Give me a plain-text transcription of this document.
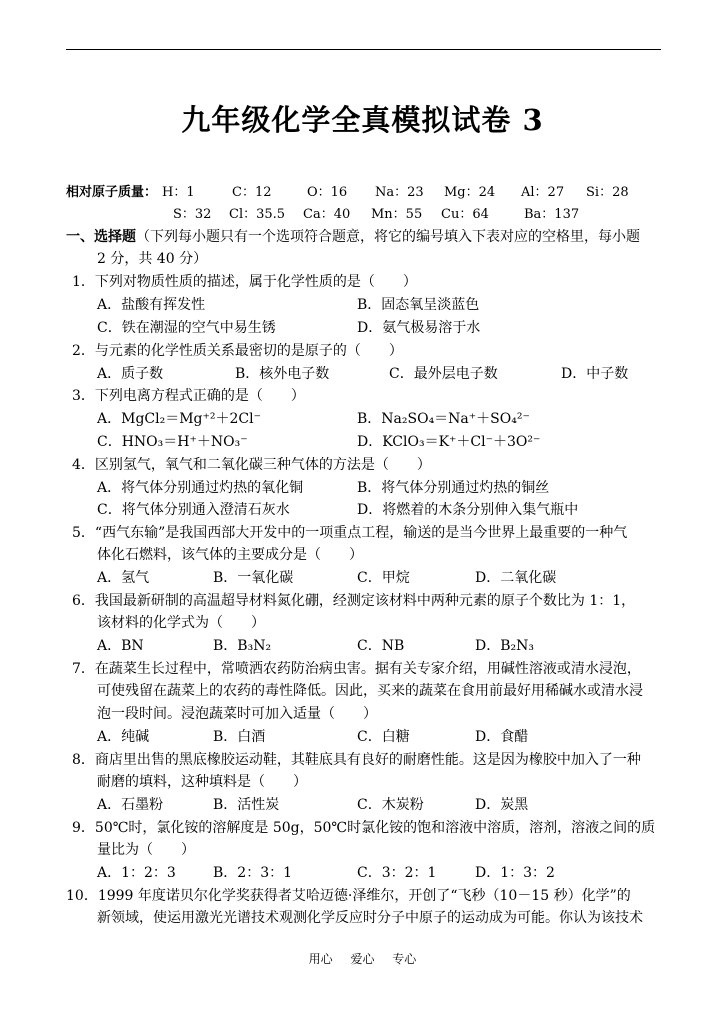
九年级化学全真模拟试卷 3
相对原子质量： H：1	C：12	O：16 Na：23 Mg：24 Al：27 Si：28
S：32 Cl：35.5 Ca：40 Mn：55 Cu：64	Ba：137
一、选择题（下列每小题只有一个选项符合题意，将它的编号填入下表对应的空格里，每小题
2 分，共 40 分）
1．下列对物质性质的描述，属于化学性质的是（　　）
A．盐酸有挥发性	B．固态氧呈淡蓝色
C．铁在潮湿的空气中易生锈	D．氨气极易溶于水
2．与元素的化学性质关系最密切的是原子的（　　）
A．质子数	B．核外电子数	C．最外层电子数	D．中子数
3．下列电离方程式正确的是（　　）
A．MgCl₂＝Mg⁺²＋2Cl⁻	B．Na₂SO₄＝Na⁺＋SO₄²⁻
C．HNO₃＝H⁺＋NO₃⁻	D．KClO₃＝K⁺＋Cl⁻＋3O²⁻
4．区别氢气，氧气和二氧化碳三种气体的方法是（　　）
A．将气体分别通过灼热的氧化铜	B．将气体分别通过灼热的铜丝
C．将气体分别通入澄清石灰水	D．将燃着的木条分别伸入集气瓶中
5．“西气东输”是我国西部大开发中的一项重点工程，输送的是当今世界上最重要的一种气
体化石燃料，该气体的主要成分是（　　）
A．氢气	B．一氧化碳	C．甲烷	D．二氧化碳
6．我国最新研制的高温超导材料氮化硼，经测定该材料中两种元素的原子个数比为 1：1，
该材料的化学式为（　　）
A．BN	B．B₃N₂	C．NB	D．B₂N₃
7．在蔬菜生长过程中，常喷洒农药防治病虫害。据有关专家介绍，用碱性溶液或清水浸泡，
可使残留在蔬菜上的农药的毒性降低。因此，买来的蔬菜在食用前最好用稀碱水或清水浸
泡一段时间。浸泡蔬菜时可加入适量（　　）
A．纯碱	B．白酒	C．白糖	D．食醋
8．商店里出售的黑底橡胶运动鞋，其鞋底具有良好的耐磨性能。这是因为橡胶中加入了一种
耐磨的填料，这种填料是（　　）
A．石墨粉	B．活性炭	C．木炭粉	D．炭黑
9．50℃时，氯化铵的溶解度是 50g，50℃时氯化铵的饱和溶液中溶质，溶剂，溶液之间的质
量比为（　　）
A．1：2：3	B．2：3：1	C．3：2：1	D．1：3：2
10．1999 年度诺贝尔化学奖获得者艾哈迈德·泽维尔，开创了“飞秒（10－15 秒）化学”的
新领域，使运用激光光谱技术观测化学反应时分子中原子的运动成为可能。你认为该技术
用心 爱心 专心
